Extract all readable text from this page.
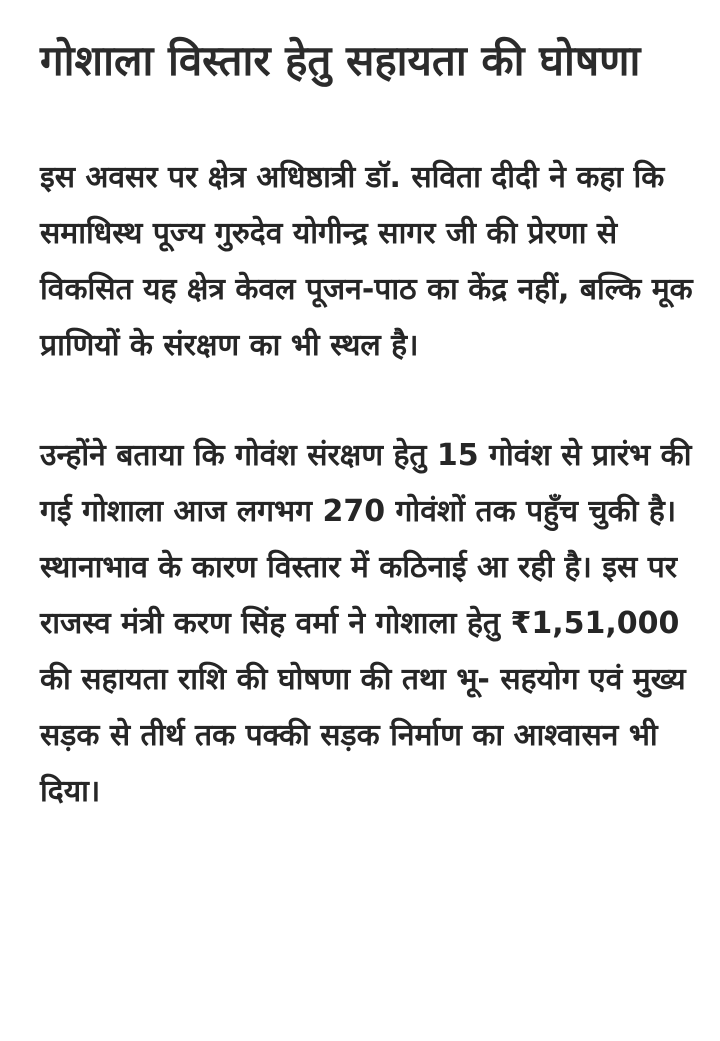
गोशाला विस्तार हेतु सहायता की घोषणा

इस अवसर पर क्षेत्र अधिष्ठात्री डॉ. सविता दीदी ने कहा कि समाधिस्थ पूज्य गुरुदेव योगीन्द्र सागर जी की प्रेरणा से विकसित यह क्षेत्र केवल पूजन-पाठ का केंद्र नहीं, बल्कि मूक प्राणियों के संरक्षण का भी स्थल है।

उन्होंने बताया कि गोवंश संरक्षण हेतु 15 गोवंश से प्रारंभ की गई गोशाला आज लगभग 270 गोवंशों तक पहुँच चुकी है। स्थानाभाव के कारण विस्तार में कठिनाई आ रही है। इस पर राजस्व मंत्री करण सिंह वर्मा ने गोशाला हेतु ₹1,51,000 की सहायता राशि की घोषणा की तथा भू- सहयोग एवं मुख्य सड़क से तीर्थ तक पक्की सड़क निर्माण का आश्वासन भी दिया।
